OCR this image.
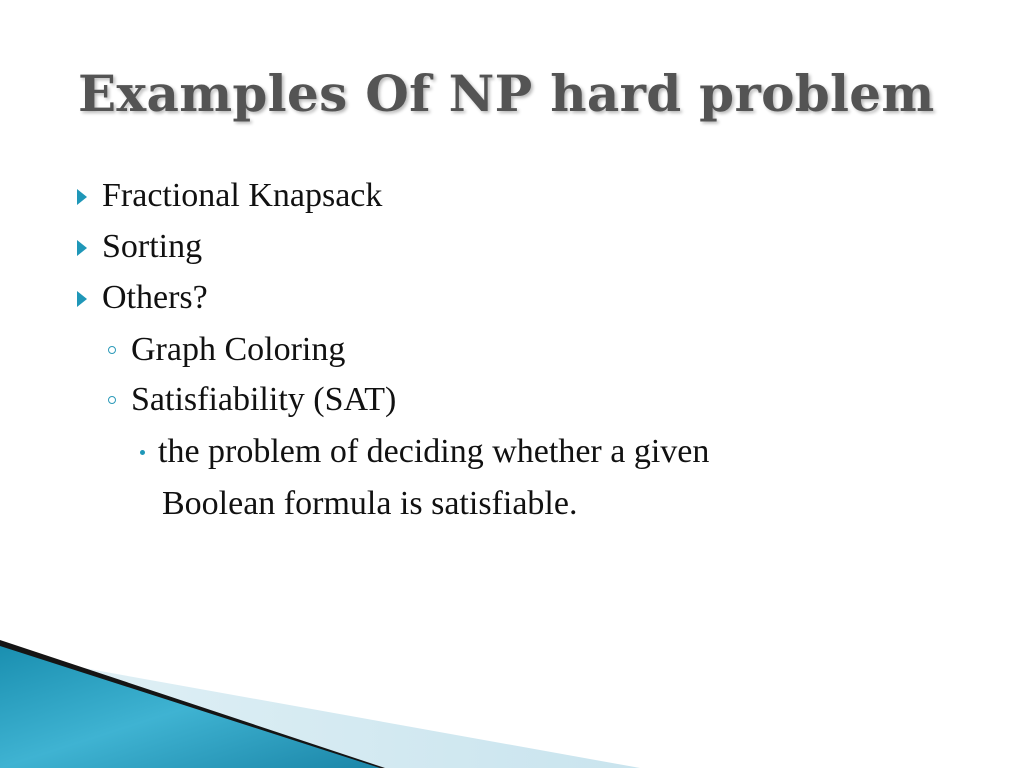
Examples Of NP hard problem

Fractional Knapsack

Sorting

Others?

Graph Coloring

Satisfiability (SAT)

the problem of deciding whether a given

Boolean formula is satisfiable.
